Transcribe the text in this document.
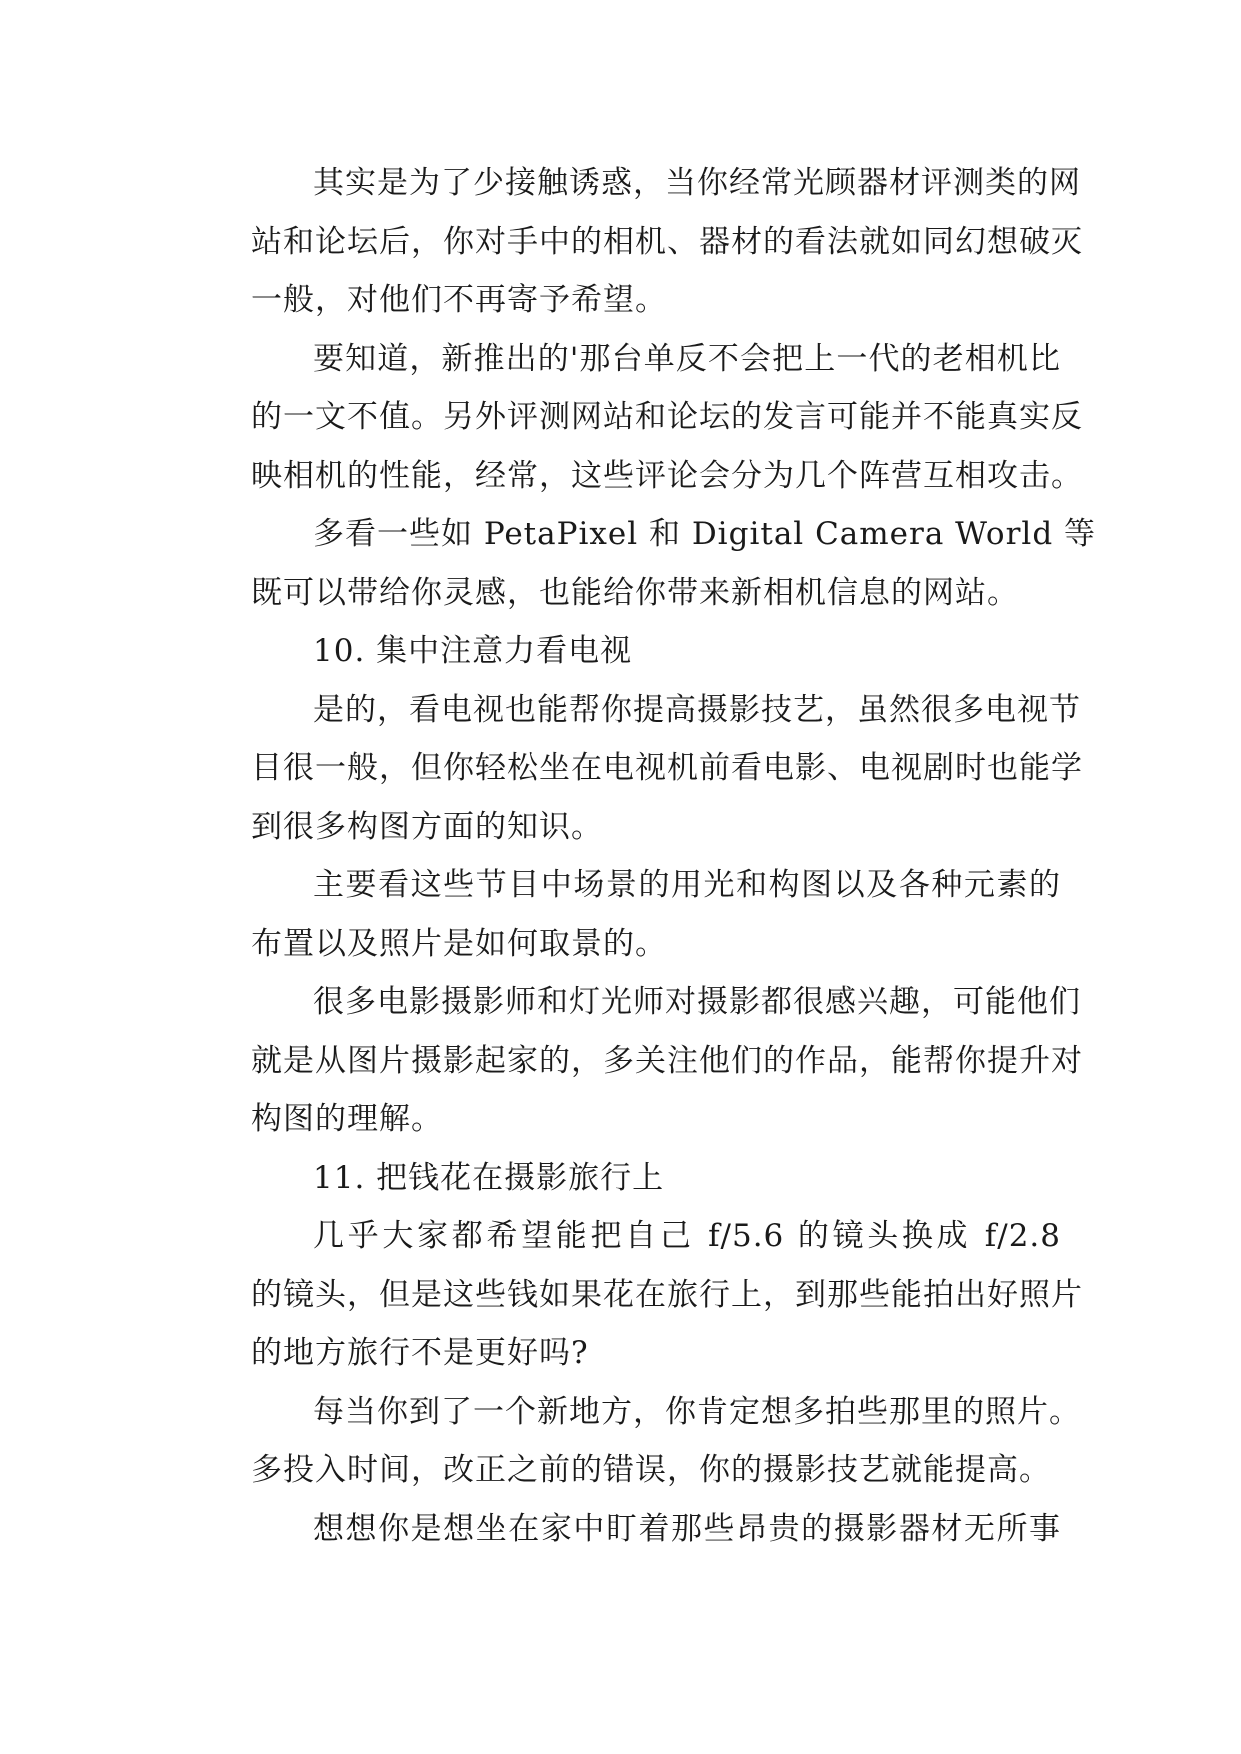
其实是为了少接触诱惑，当你经常光顾器材评测类的网
站和论坛后，你对手中的相机、器材的看法就如同幻想破灭
一般，对他们不再寄予希望。
要知道，新推出的'那台单反不会把上一代的老相机比
的一文不值。另外评测网站和论坛的发言可能并不能真实反
映相机的性能，经常，这些评论会分为几个阵营互相攻击。
多看一些如 PetaPixel 和 Digital Camera World 等
既可以带给你灵感，也能给你带来新相机信息的网站。
10. 集中注意力看电视
是的，看电视也能帮你提高摄影技艺，虽然很多电视节
目很一般，但你轻松坐在电视机前看电影、电视剧时也能学
到很多构图方面的知识。
主要看这些节目中场景的用光和构图以及各种元素的
布置以及照片是如何取景的。
很多电影摄影师和灯光师对摄影都很感兴趣，可能他们
就是从图片摄影起家的，多关注他们的作品，能帮你提升对
构图的理解。
11. 把钱花在摄影旅行上
几乎大家都希望能把自己 f/5.6 的镜头换成 f/2.8
的镜头，但是这些钱如果花在旅行上，到那些能拍出好照片
的地方旅行不是更好吗?
每当你到了一个新地方，你肯定想多拍些那里的照片。
多投入时间，改正之前的错误，你的摄影技艺就能提高。
想想你是想坐在家中盯着那些昂贵的摄影器材无所事
